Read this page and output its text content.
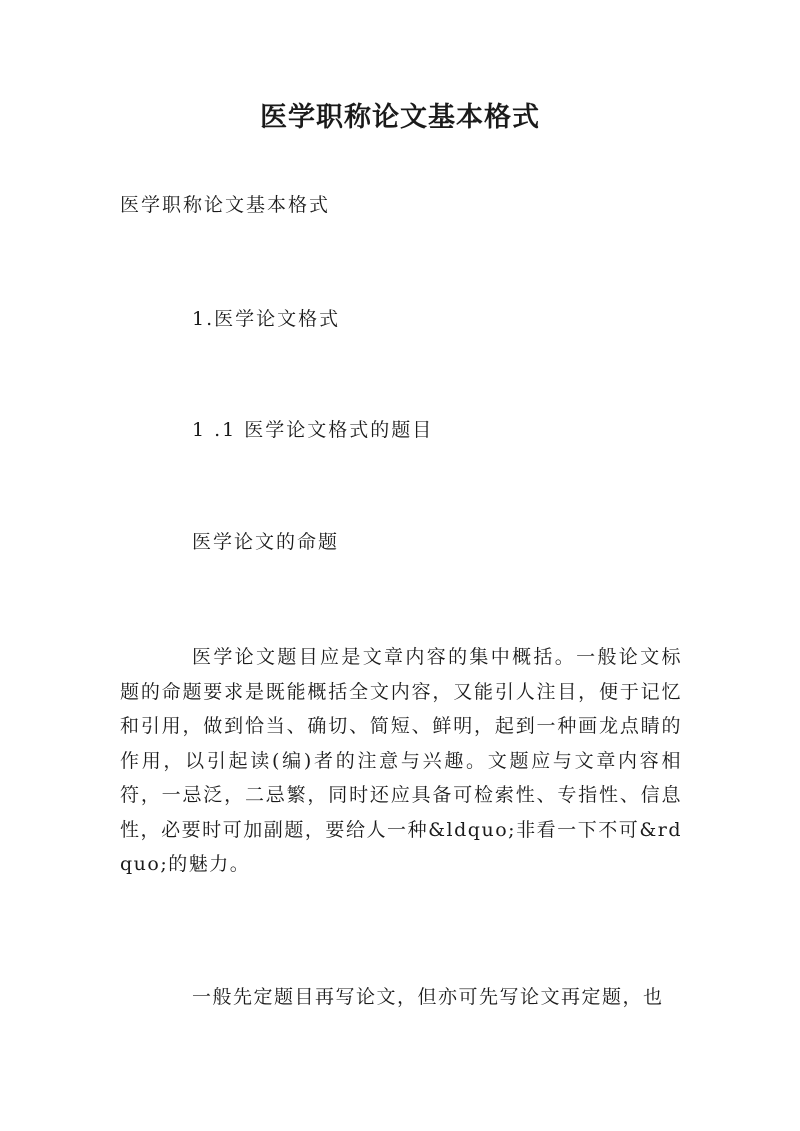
医学职称论文基本格式

医学职称论文基本格式

1.医学论文格式

1 .1 医学论文格式的题目

医学论文的命题

医学论文题目应是文章内容的集中概括。一般论文标题的命题要求是既能概括全文内容，又能引人注目，便于记忆和引用，做到恰当、确切、简短、鲜明，起到一种画龙点睛的作用，以引起读(编)者的注意与兴趣。文题应与文章内容相符，一忌泛，二忌繁，同时还应具备可检索性、专指性、信息性，必要时可加副题，要给人一种&ldquo;非看一下不可&rdquo;的魅力。

一般先定题目再写论文，但亦可先写论文再定题，也
